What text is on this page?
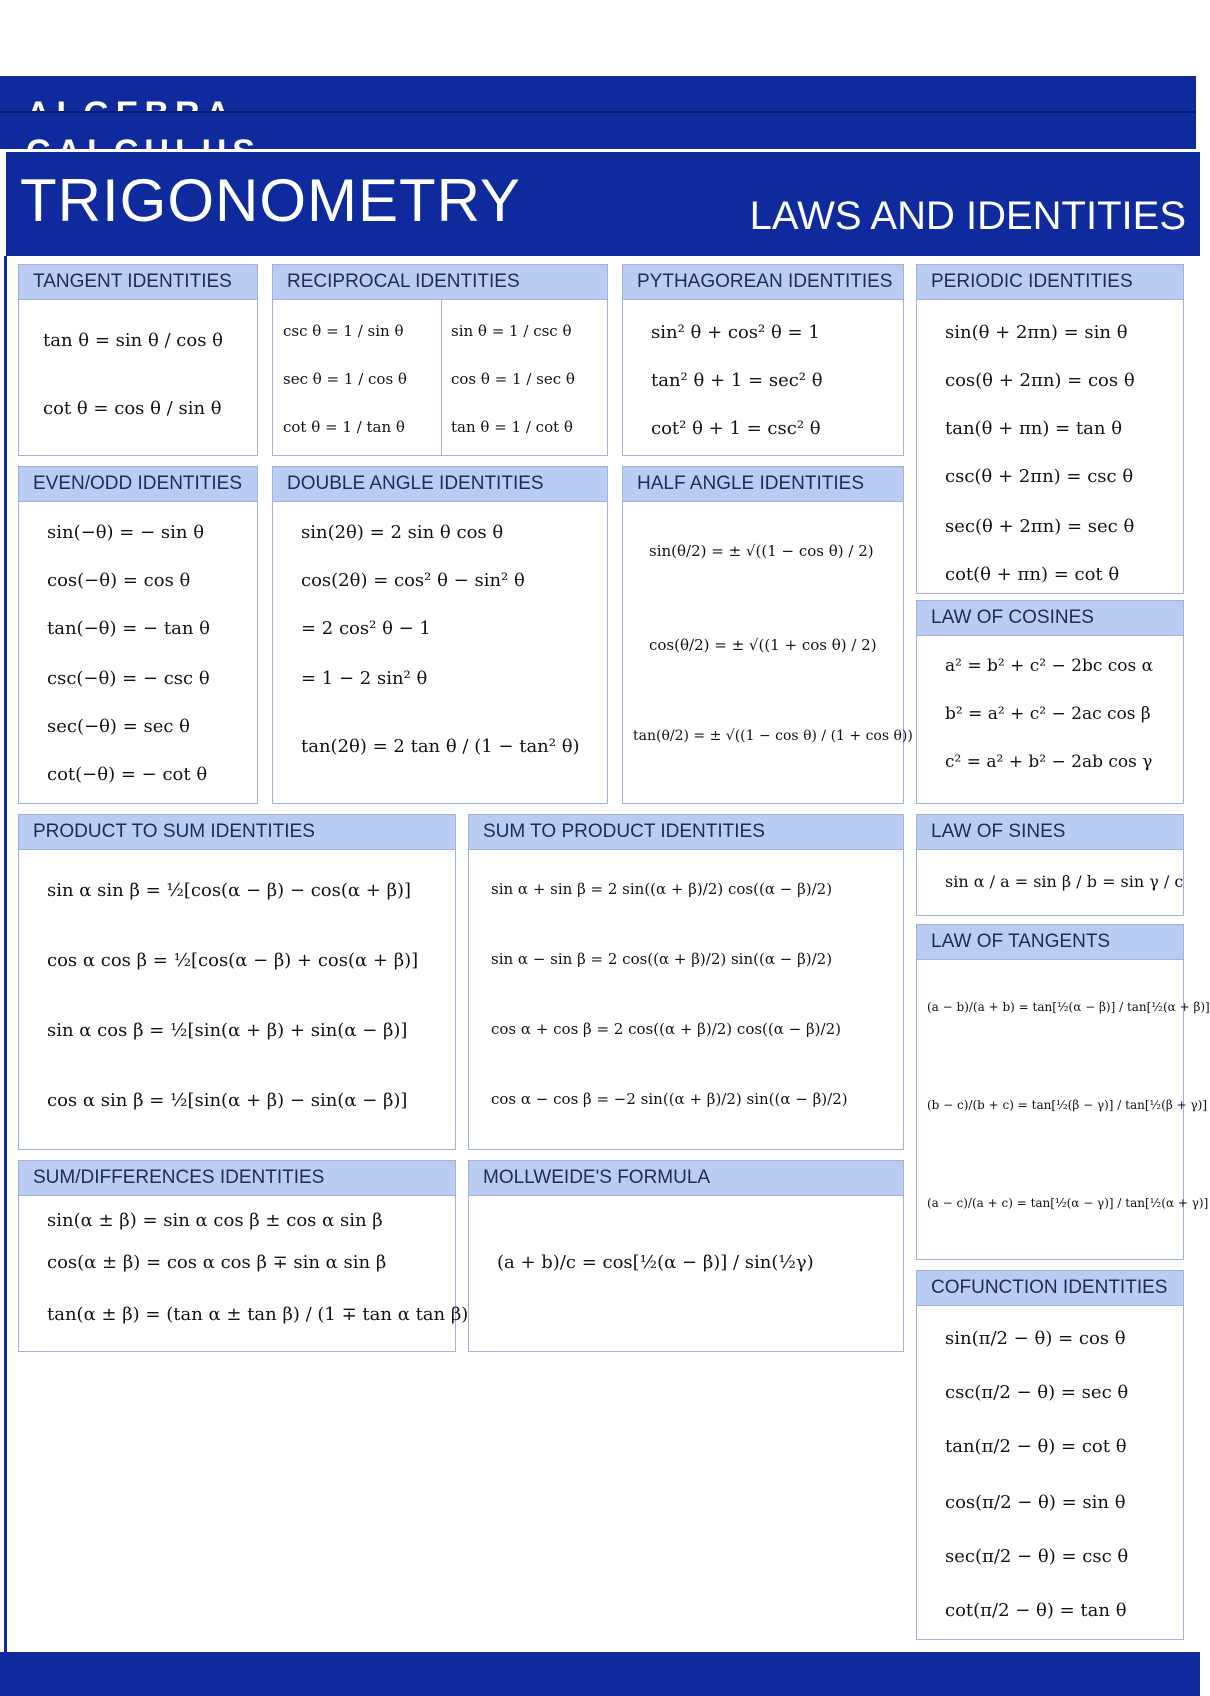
TRIGONOMETRY	LAWS AND IDENTITIES
TANGENT IDENTITIES
tan θ = sin θ / cos θ
cot θ = cos θ / sin θ
RECIPROCAL IDENTITIES
csc θ = 1 / sin θ
sec θ = 1 / cos θ
cot θ = 1 / tan θ
sin θ = 1 / csc θ
cos θ = 1 / sec θ
tan θ = 1 / cot θ
PYTHAGOREAN IDENTITIES
sin² θ + cos² θ = 1
tan² θ + 1 = sec² θ
cot² θ + 1 = csc² θ
PERIODIC IDENTITIES
sin(θ + 2πn) = sin θ
cos(θ + 2πn) = cos θ
tan(θ + πn) = tan θ
csc(θ + 2πn) = csc θ
sec(θ + 2πn) = sec θ
cot(θ + πn) = cot θ
EVEN/ODD IDENTITIES
sin(−θ) = − sin θ
cos(−θ) = cos θ
tan(−θ) = − tan θ
csc(−θ) = − csc θ
sec(−θ) = sec θ
cot(−θ) = − cot θ
DOUBLE ANGLE IDENTITIES
sin(2θ) = 2 sin θ cos θ
cos(2θ) = cos² θ − sin² θ
= 2 cos² θ − 1
= 1 − 2 sin² θ
tan(2θ) = 2 tan θ / (1 − tan² θ)
HALF ANGLE IDENTITIES
sin(θ/2) = ± √((1 − cos θ) / 2)
cos(θ/2) = ± √((1 + cos θ) / 2)
tan(θ/2) = ± √((1 − cos θ) / (1 + cos θ))
LAW OF COSINES
a² = b² + c² − 2bc cos α
b² = a² + c² − 2ac cos β
c² = a² + b² − 2ab cos γ
PRODUCT TO SUM IDENTITIES
sin α sin β = ½[cos(α − β) − cos(α + β)]
cos α cos β = ½[cos(α − β) + cos(α + β)]
sin α cos β = ½[sin(α + β) + sin(α − β)]
cos α sin β = ½[sin(α + β) − sin(α − β)]
SUM TO PRODUCT IDENTITIES
sin α + sin β = 2 sin((α + β)/2) cos((α − β)/2)
sin α − sin β = 2 cos((α + β)/2) sin((α − β)/2)
cos α + cos β = 2 cos((α + β)/2) cos((α − β)/2)
cos α − cos β = −2 sin((α + β)/2) sin((α − β)/2)
LAW OF SINES
sin α / a = sin β / b = sin γ / c
LAW OF TANGENTS
(a − b)/(a + b) = tan[½(α − β)] / tan[½(α + β)]
(b − c)/(b + c) = tan[½(β − γ)] / tan[½(β + γ)]
(a − c)/(a + c) = tan[½(α − γ)] / tan[½(α + γ)]
SUM/DIFFERENCES IDENTITIES
sin(α ± β) = sin α cos β ± cos α sin β
cos(α ± β) = cos α cos β ∓ sin α sin β
tan(α ± β) = (tan α ± tan β) / (1 ∓ tan α tan β)
MOLLWEIDE'S FORMULA
(a + b)/c = cos[½(α − β)] / sin(½γ)
COFUNCTION IDENTITIES
sin(π/2 − θ) = cos θ
csc(π/2 − θ) = sec θ
tan(π/2 − θ) = cot θ
cos(π/2 − θ) = sin θ
sec(π/2 − θ) = csc θ
cot(π/2 − θ) = tan θ
